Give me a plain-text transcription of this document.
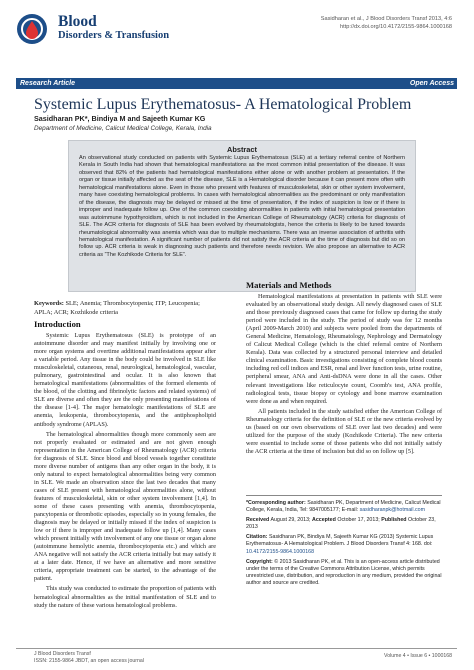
Blood
Disorders & Transfusion
Sasidharan et al., J Blood Disorders Transf 2013, 4:6
http://dx.doi.org/10.4172/2155-9864.1000168
Research Article	Open Access
Systemic Lupus Erythematosus- A Hematological Problem
Sasidharan PK*, Bindiya M and Sajeeth Kumar KG
Department of Medicine, Calicut Medical College, Kerala, India
Abstract
An observational study conducted on patients with Systemic Lupus Erythematosus (SLE) at a tertiary referral centre of Northern Kerala in South India had shown that hematological manifestations as the most common initial presentation of the disease. It was observed that 82% of the patients had hematological manifestations either alone or with another problem at presentation. If the organ or tissue initially affected as the seat of the disease, SLE is a Hematological disorder because it can present more often with hematological manifestations alone. Even in those who present with features of musculoskeletal, skin or other system involvement, many have coexisting hematological problems. In cases with hematological abnormalities as the predominant or only manifestation of the disease, the diagnosis may be delayed or missed at the time of presentation, if the index of suspicion is low or if there is improper and inadequate follow up. One of the common coexisting abnormalities in patients with initial hematological presentation was autoimmune hypothyroidism, which is not included in the American College of Rheumatology (ACR) criteria for diagnosis of SLE. The ACR criteria for diagnosis of SLE has been evolved by rheumatologists, hence the criteria is likely to be tuned towards rheumatological abnormality was anemia which was due to multiple mechanisms. There was an inverse association of arthritis with hematological manifestation. A significant number of patients did not satisfy the ACR criteria at the time of diagnosis but did so on follow up. ACR criteria is weak in diagnosing such patients and therefore needs revision. We also propose an alternative to ACR criteria as “The Kozhikode Criteria for SLE”.
Keywords: SLE; Anemia; Thrombocytopenia; ITP; Leucopenia; APLA; ACR; Kozhikode criteria
Introduction

Systemic Lupus Erythematosus (SLE) is prototype of an autoimmune disorder and may manifest initially by involving one or more organ systems and overtime additional manifestations appear after a variable period. Any tissue in the body could be involved in SLE like musculoskeletal, cutaneous, renal, neurological, hematological, vascular, pulmonary, gastrointestinal and ocular. It is also known that hematological manifestations (abnormalities of the formed elements of the blood, of the clotting and fibrinolytic factors and related systems) of SLE are diverse and often they are the only presenting manifestations of the disease [1-4]. The major hematologic manifestations of SLE are anemia, leukopenia, thrombocytopenia, and the antiphospholipid antibody syndrome (APLAS).

The hematological abnormalities though more commonly seen are not properly evaluated or estimated and are not given enough representation in the American College of Rheumatology (ACR) criteria for diagnosis of SLE. Since blood and blood vessels together constitute more diverse number of antigens than any other organ in the body, it is only natural to expect hematological abnormalities being very common in SLE. We made an observation since the last two decades that many cases of SLE present with hematological abnormalities alone, without features of musculoskeletal, skin or other system involvement [1,4]. In some of these cases presenting with anemia, thrombocytopenia, pancytopenia or thrombotic episodes, especially so in young females, the diagnosis may be delayed or initially missed if the index of suspicion is low or if there is improper and inadequate follow up [1,4]. Many cases which present initially with involvement of any one tissue or organ alone (autoimmune hemolytic anemia, thrombocytopenia etc.) and which are ANA negative will not satisfy the ACR criteria initially but may satisfy it at a later date. Hence, if we have an alternative and more sensitive criteria, appropriate treatment can be started, to the advantage of the patient.

This study was conducted to estimate the proportion of patients with hematological abnormalities as the initial manifestation of SLE and to study the nature of these various hematological problems.

Materials and Methods

Hematological manifestations at presentation in patients with SLE were evaluated by an observational study design. All newly diagnosed cases of SLE and those previously diagnosed cases that came for follow up during the study period were included in the study. The period of study was for 12 months (April 2009-March 2010) and subjects were pooled from the departments of General Medicine, Hematology, Rheumatology, Nephrology and Dermatology of Calicut Medical College (which is the chief referral centre of Northern Kerala). Data was collected by a structured personal interview and detailed clinical examination. Basic investigations consisting of complete blood counts including red cell indices and ESR, renal and liver function tests, urine routine, peripheral smear, ANA and Anti-dsDNA were done in all the cases. Other relevant investigations like reticulocyte count, Coomb's test, ANA profile, radiological tests, tissue biopsy or cytology and bone marrow examination were done as and when required.

All patients included in the study satisfied either the American College of Rheumatology criteria for the definition of SLE or the new criteria evolved by us (based on our own observations of SLE over last two decades) and were utilized for the purpose of the study (Kozhikode Criteria). The new criteria were essential to include some of those patients who did not initially satisfy the ACR criteria at the time of inclusion but did so on follow up [5].

*Corresponding author: Sasidharan PK, Department of Medicine, Calicut Medical College, Kerala, India, Tel: 9847005177; E-mail: sasidharanpk@hotmail.com

Received August 29, 2013; Accepted October 17, 2013; Published October 23, 2013

Citation: Sasidharan PK, Bindiya M, Sajeeth Kumar KG (2013) Systemic Lupus Erythematosus- A Hematological Problem. J Blood Disorders Transf 4: 168. doi: 10.4172/2155-9864.1000168

Copyright: © 2013 Sasidharan PK, et al. This is an open-access article distributed under the terms of the Creative Commons Attribution License, which permits unrestricted use, distribution, and reproduction in any medium, provided the original author and source are credited.

J Blood Disorders Transf
ISSN: 2155-9864 JBDT, an open access journal
Volume 4 • Issue 6 • 1000168
